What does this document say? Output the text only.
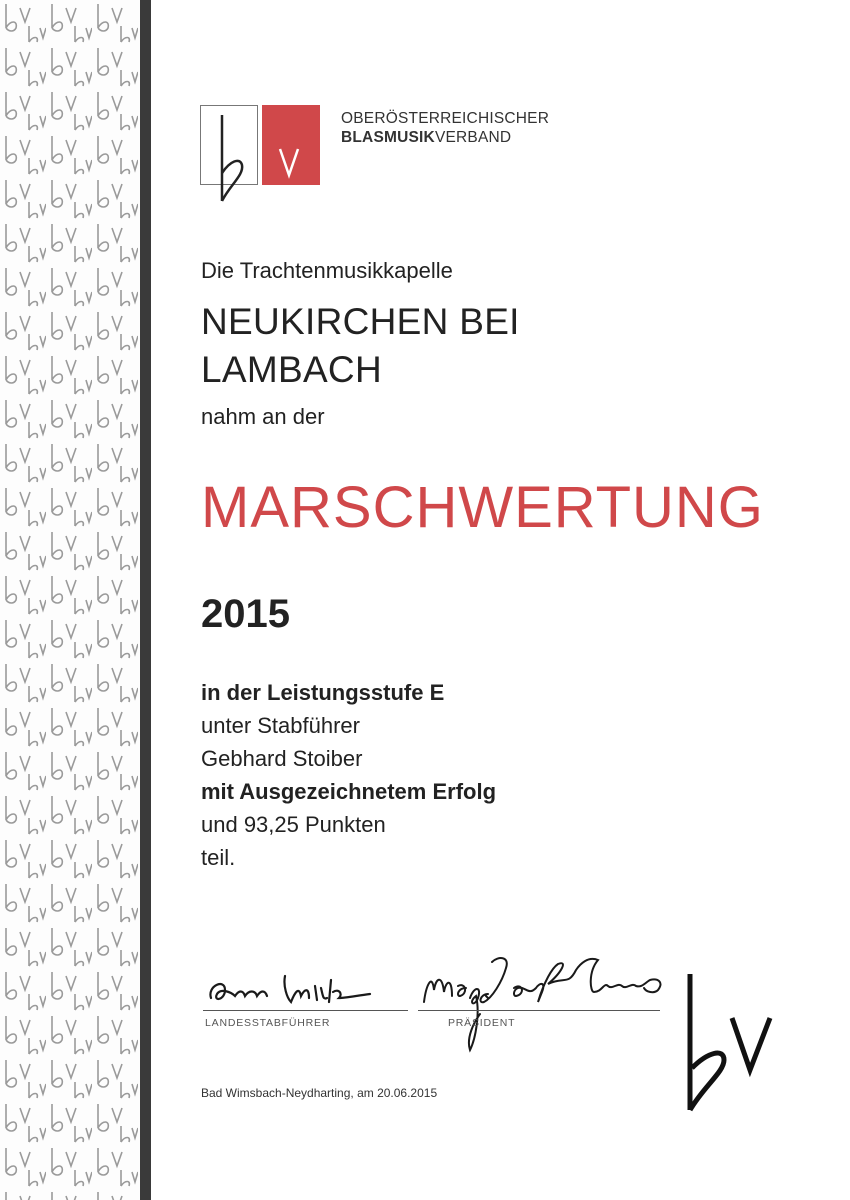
OBERÖSTERREICHISCHER
BLASMUSIKVERBAND
Die Trachtenmusikkapelle
NEUKIRCHEN BEI
LAMBACH
nahm an der
MARSCHWERTUNG
2015
in der Leistungsstufe E
unter Stabführer
Gebhard Stoiber
mit Ausgezeichnetem Erfolg
und 93,25 Punkten
teil.
LANDESSTABFÜHRER	PRÄSIDENT
Bad Wimsbach-Neydharting, am 20.06.2015
